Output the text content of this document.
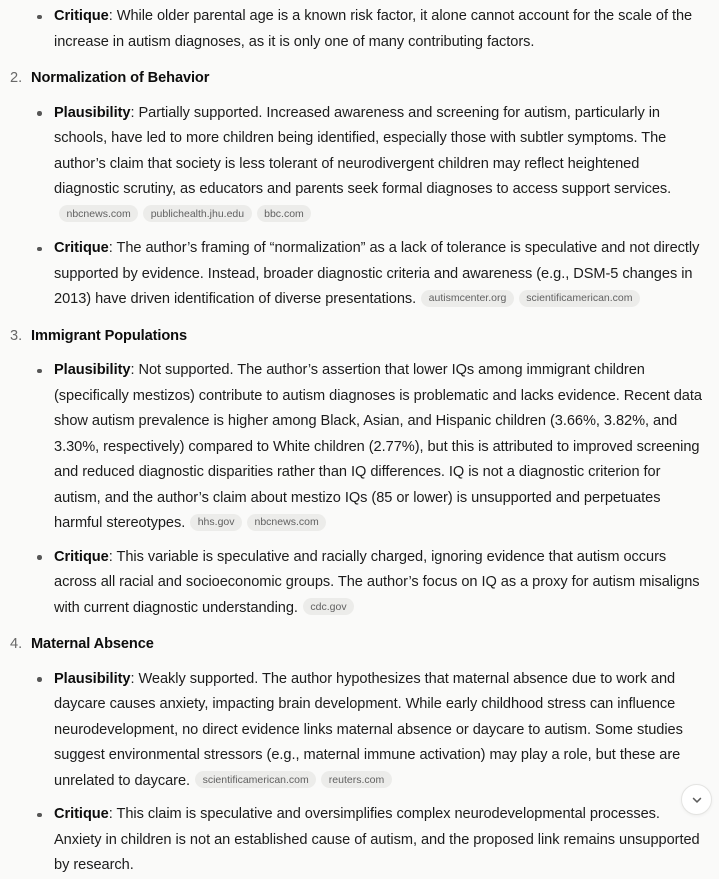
Critique: While older parental age is a known risk factor, it alone cannot account for the scale of the increase in autism diagnoses, as it is only one of many contributing factors.
2. Normalization of Behavior
Plausibility: Partially supported. Increased awareness and screening for autism, particularly in schools, have led to more children being identified, especially those with subtler symptoms. The author’s claim that society is less tolerant of neurodivergent children may reflect heightened diagnostic scrutiny, as educators and parents seek formal diagnoses to access support services.nbcnews.com publichealth.jhu.edu bbc.com
Critique: The author’s framing of “normalization” as a lack of tolerance is speculative and not directly supported by evidence. Instead, broader diagnostic criteria and awareness (e.g., DSM-5 changes in 2013) have driven identification of diverse presentations. autismcenter.org scientificamerican.com
3. Immigrant Populations
Plausibility: Not supported. The author’s assertion that lower IQs among immigrant children (specifically mestizos) contribute to autism diagnoses is problematic and lacks evidence. Recent data show autism prevalence is higher among Black, Asian, and Hispanic children (3.66%, 3.82%, and 3.30%, respectively) compared to White children (2.77%), but this is attributed to improved screening and reduced diagnostic disparities rather than IQ differences. IQ is not a diagnostic criterion for autism, and the author’s claim about mestizo IQs (85 or lower) is unsupported and perpetuates harmful stereotypes. hhs.gov nbcnews.com
Critique: This variable is speculative and racially charged, ignoring evidence that autism occurs across all racial and socioeconomic groups. The author’s focus on IQ as a proxy for autism misaligns with current diagnostic understanding. cdc.gov
4. Maternal Absence
Plausibility: Weakly supported. The author hypothesizes that maternal absence due to work and daycare causes anxiety, impacting brain development. While early childhood stress can influence neurodevelopment, no direct evidence links maternal absence or daycare to autism. Some studies suggest environmental stressors (e.g., maternal immune activation) may play a role, but these are unrelated to daycare. scientificamerican.com reuters.com
Critique: This claim is speculative and oversimplifies complex neurodevelopmental processes. Anxiety in children is not an established cause of autism, and the proposed link remains unsupported by research.
